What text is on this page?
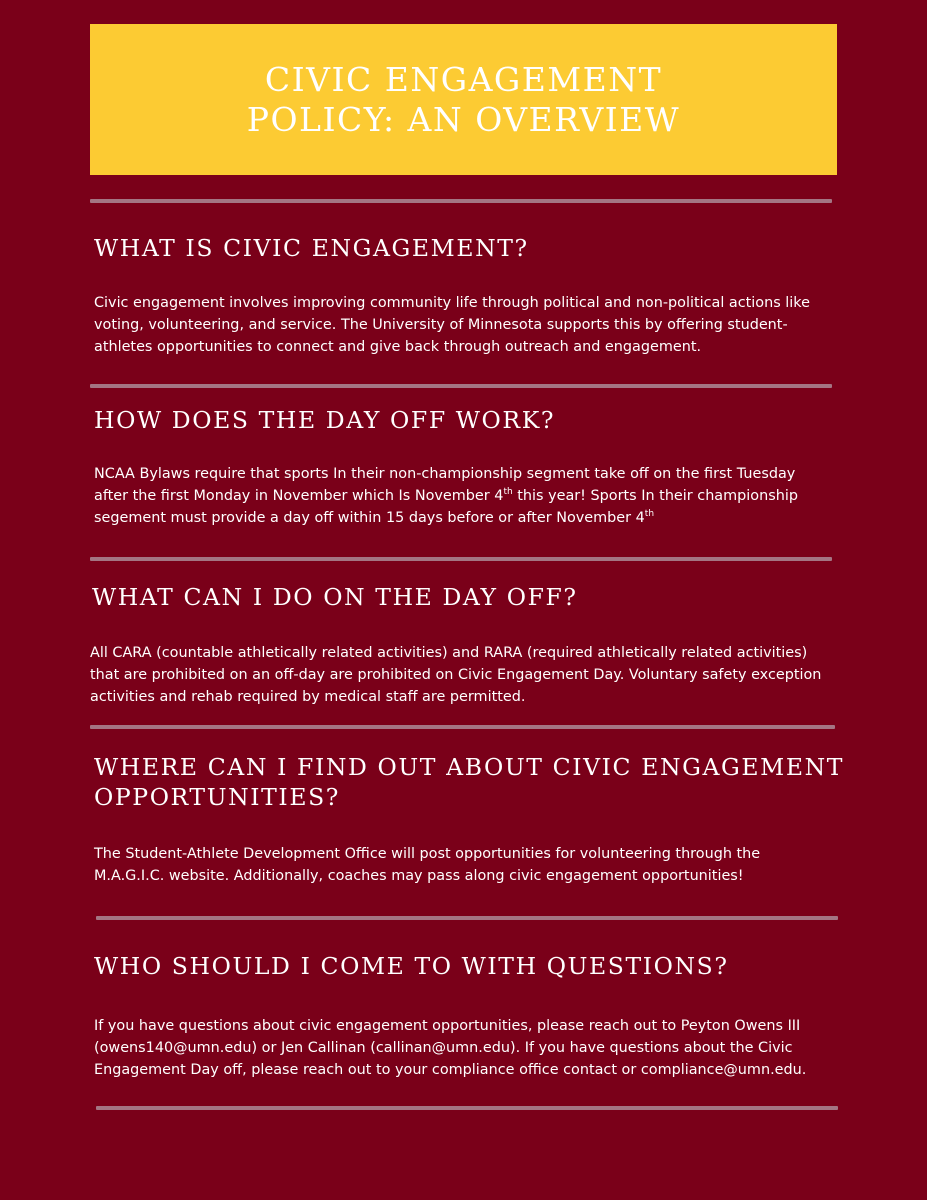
CIVIC ENGAGEMENT
POLICY: AN OVERVIEW
WHAT IS CIVIC ENGAGEMENT?

Civic engagement involves improving community life through political and non-political actions like voting, volunteering, and service. The University of Minnesota supports this by offering student-athletes opportunities to connect and give back through outreach and engagement.

HOW DOES THE DAY OFF WORK?

NCAA Bylaws require that sports In their non-championship segment take off on the first Tuesday after the first Monday in November which Is November 4th this year! Sports In their championship segement must provide a day off within 15 days before or after November 4th

WHAT CAN I DO ON THE DAY OFF?

All CARA (countable athletically related activities) and RARA (required athletically related activities) that are prohibited on an off-day are prohibited on Civic Engagement Day. Voluntary safety exception activities and rehab required by medical staff are permitted.

WHERE CAN I FIND OUT ABOUT CIVIC ENGAGEMENT
OPPORTUNITIES?

The Student-Athlete Development Office will post opportunities for volunteering through the M.A.G.I.C. website. Additionally, coaches may pass along civic engagement opportunities!

WHO SHOULD I COME TO WITH QUESTIONS?

If you have questions about civic engagement opportunities, please reach out to Peyton Owens III (owens140@umn.edu) or Jen Callinan (callinan@umn.edu). If you have questions about the Civic Engagement Day off, please reach out to your compliance office contact or compliance@umn.edu.
